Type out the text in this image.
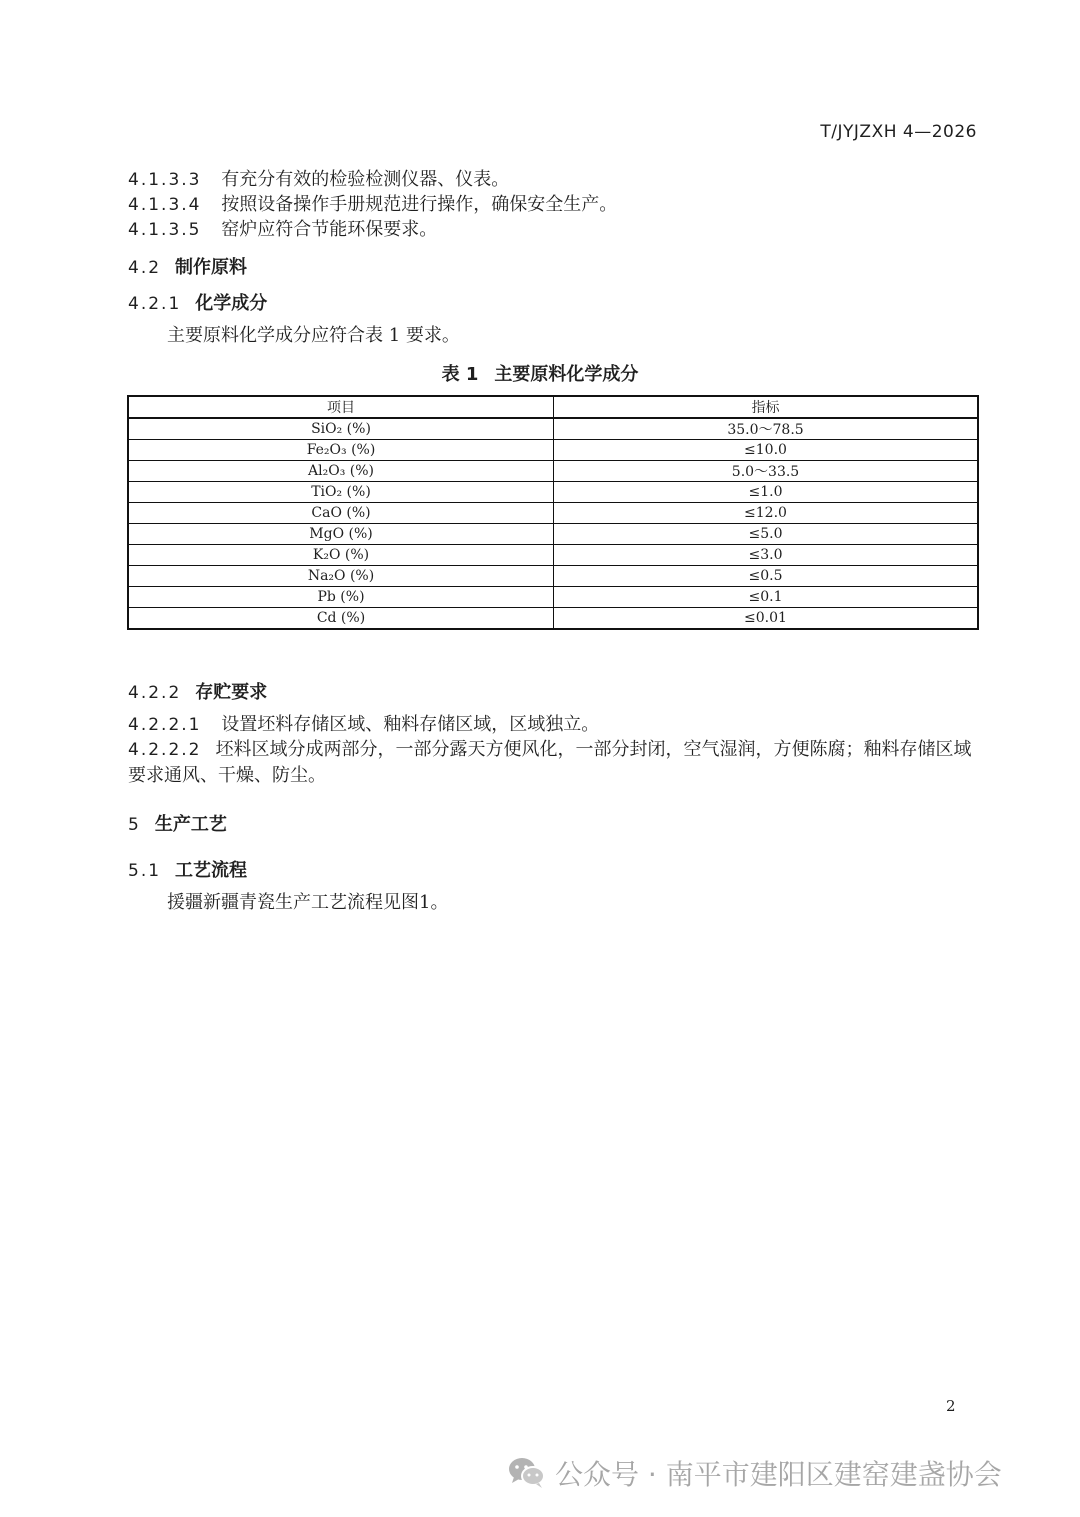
T/JYJZXH 4—2026
4.1.3.3 有充分有效的检验检测仪器、仪表。
4.1.3.4 按照设备操作手册规范进行操作，确保安全生产。
4.1.3.5 窑炉应符合节能环保要求。
4.2 制作原料
4.2.1 化学成分
主要原料化学成分应符合表 1 要求。
表 1 主要原料化学成分
项目	指标
SiO₂ (%)	35.0～78.5
Fe₂O₃ (%)	≤10.0
Al₂O₃ (%)	5.0～33.5
TiO₂ (%)	≤1.0
CaO (%)	≤12.0
MgO (%)	≤5.0
K₂O (%)	≤3.0
Na₂O (%)	≤0.5
Pb (%)	≤0.1
Cd (%)	≤0.01
4.2.2 存贮要求
4.2.2.1 设置坯料存储区域、釉料存储区域，区域独立。
4.2.2.2 坯料区域分成两部分，一部分露天方便风化，一部分封闭，空气湿润，方便陈腐；釉料存储区域要求通风、干燥、防尘。
5 生产工艺
5.1 工艺流程
援疆新疆青瓷生产工艺流程见图1。
2
公众号 · 南平市建阳区建窑建盏协会
